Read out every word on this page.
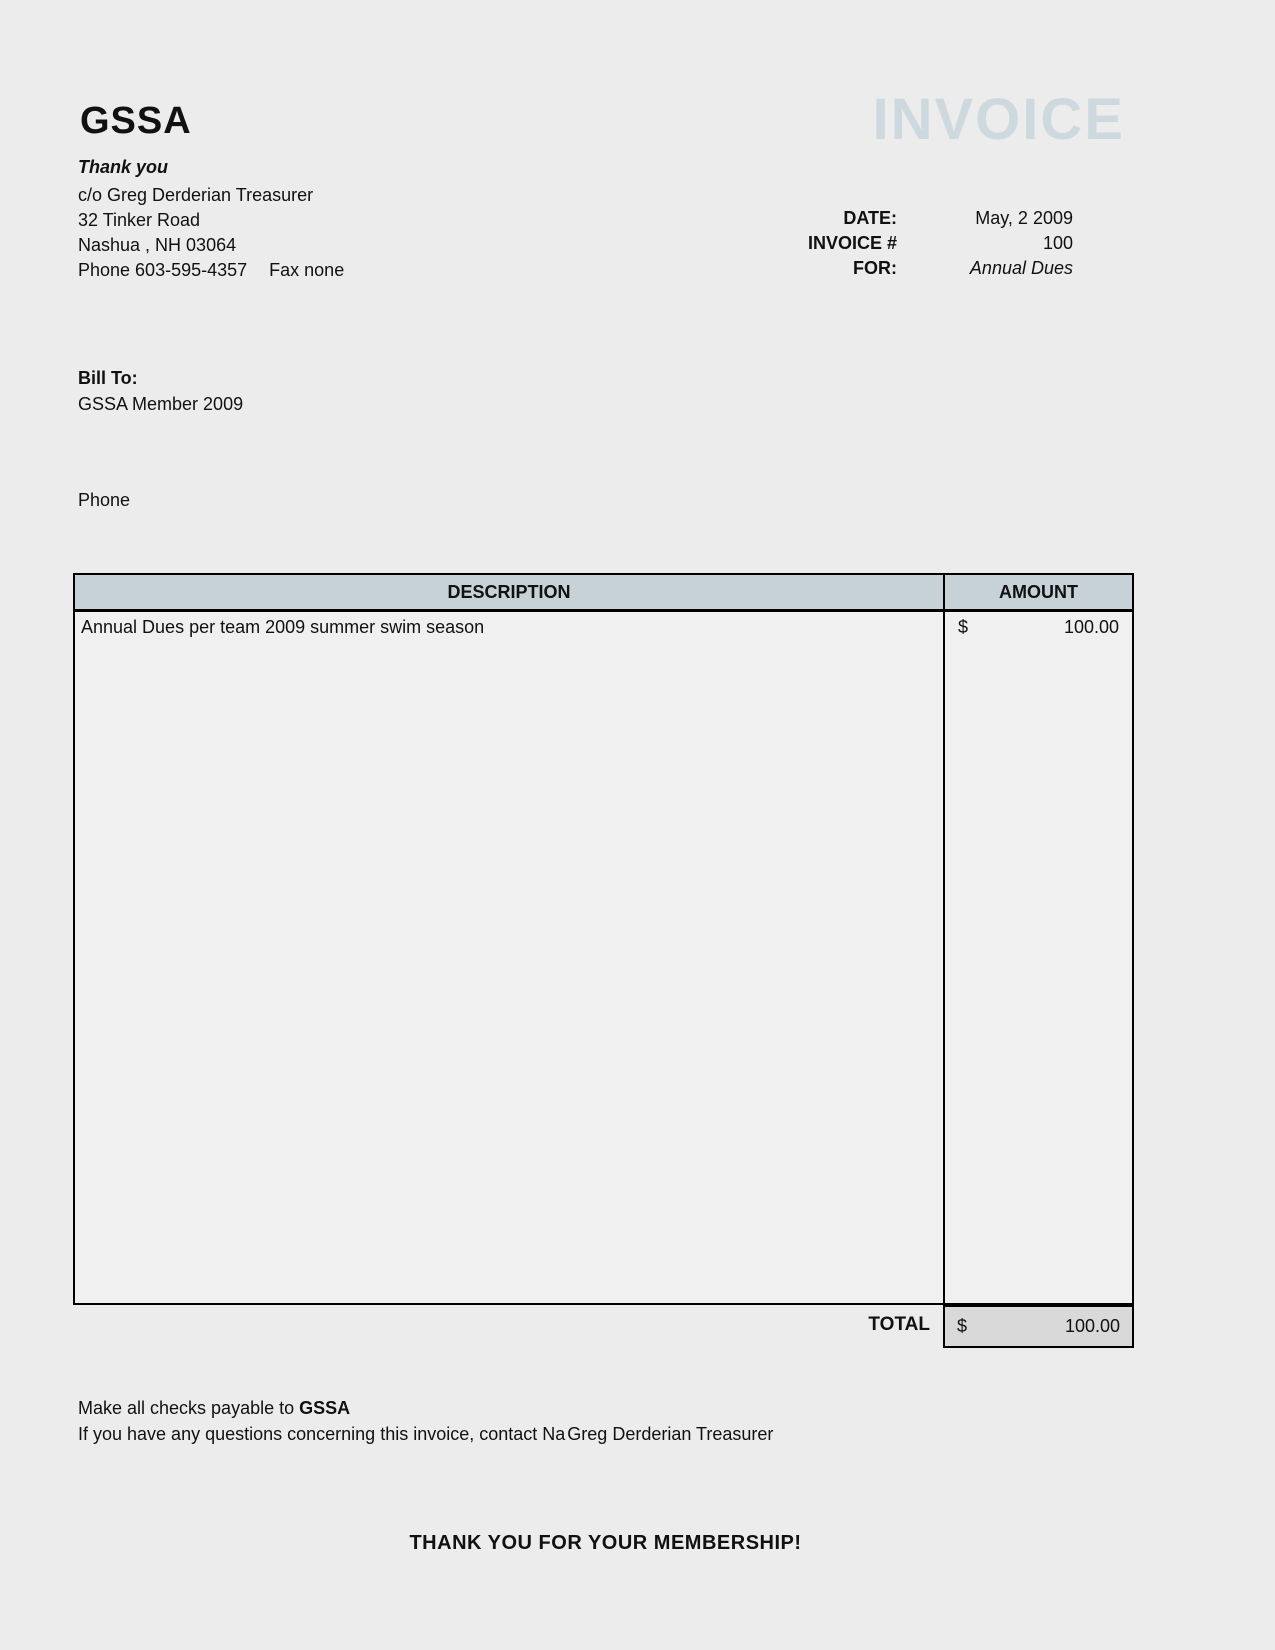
GSSA	INVOICE
Thank you
c/o Greg Derderian Treasurer
32 Tinker Road
Nashua , NH 03064
Phone 603-595-4357 Fax none
DATE:	May, 2 2009
INVOICE #	100
FOR:	Annual Dues
Bill To:
GSSA Member 2009
Phone
DESCRIPTION	AMOUNT
Annual Dues per team 2009 summer swim season	$	100.00
TOTAL $	100.00
Make all checks payable to GSSA
If you have any questions concerning this invoice, contact Na Greg Derderian Treasurer
THANK YOU FOR YOUR MEMBERSHIP!
